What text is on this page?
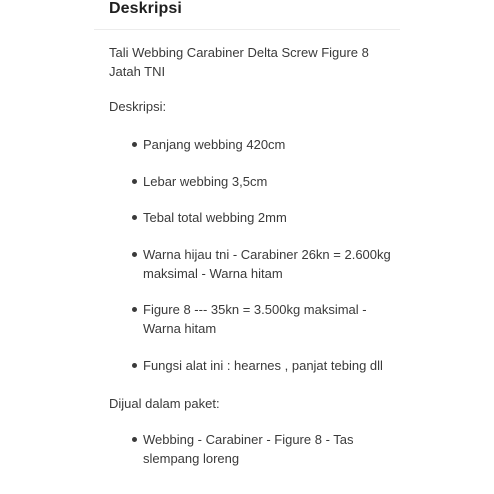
Deskripsi
Tali Webbing Carabiner Delta Screw Figure 8 Jatah TNI
Deskripsi:
Panjang webbing 420cm
Lebar webbing 3,5cm
Tebal total webbing 2mm
Warna hijau tni - Carabiner 26kn = 2.600kg maksimal - Warna hitam
Figure 8 --- 35kn = 3.500kg maksimal - Warna hitam
Fungsi alat ini : hearnes , panjat tebing dll
Dijual dalam paket:
Webbing - Carabiner - Figure 8 - Tas slempang loreng
